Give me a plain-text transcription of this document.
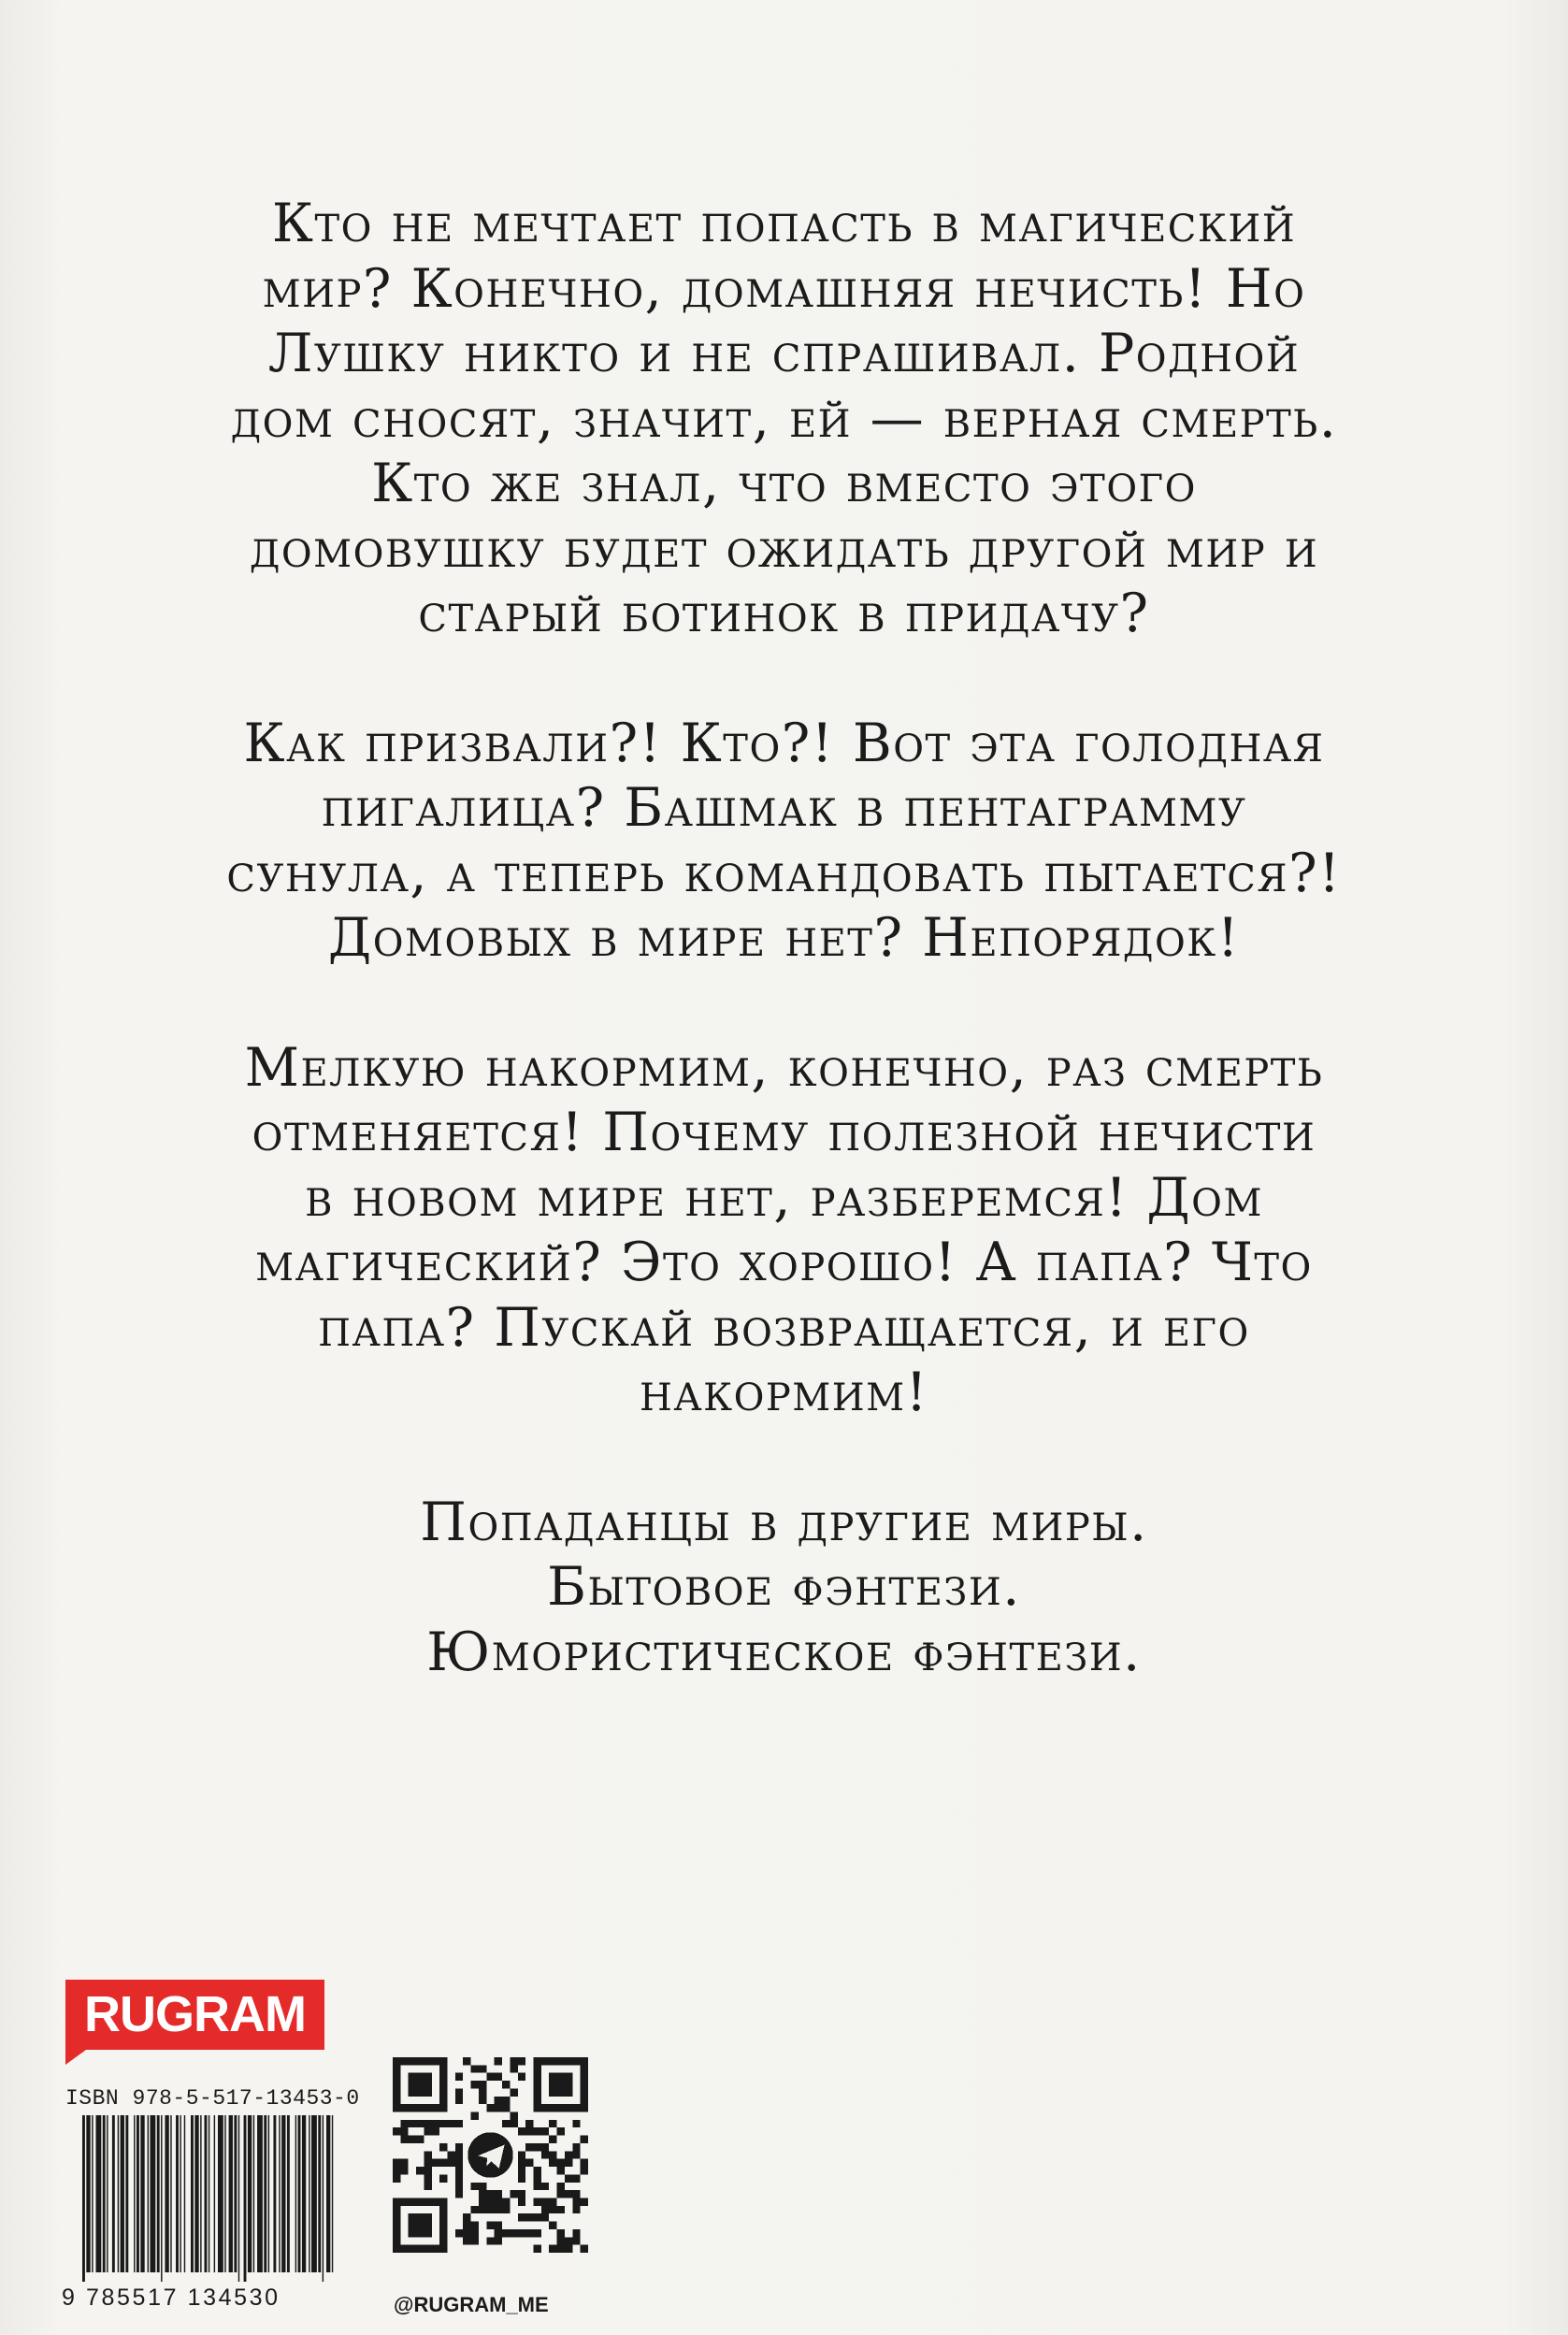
Кто не мечтает попасть в магический
мир? Конечно, домашняя нечисть! Но
Лушку никто и не спрашивал. Родной
дом сносят, значит, ей — верная смерть.
Кто же знал, что вместо этого
домовушку будет ожидать другой мир и
старый ботинок в придачу?

Как призвали?! Кто?! Вот эта голодная
пигалица? Башмак в пентаграмму
сунула, а теперь командовать пытается?!
Домовых в мире нет? Непорядок!

Мелкую накормим, конечно, раз смерть
отменяется! Почему полезной нечисти
в новом мире нет, разберемся! Дом
магический? Это хорошо! А папа? Что
папа? Пускай возвращается, и его
накормим!

Попаданцы в другие миры.
Бытовое фэнтези.
Юмористическое фэнтези.

RUGRAM
ISBN 978-5-517-13453-0
9 785517 134530	@RUGRAM_ME
